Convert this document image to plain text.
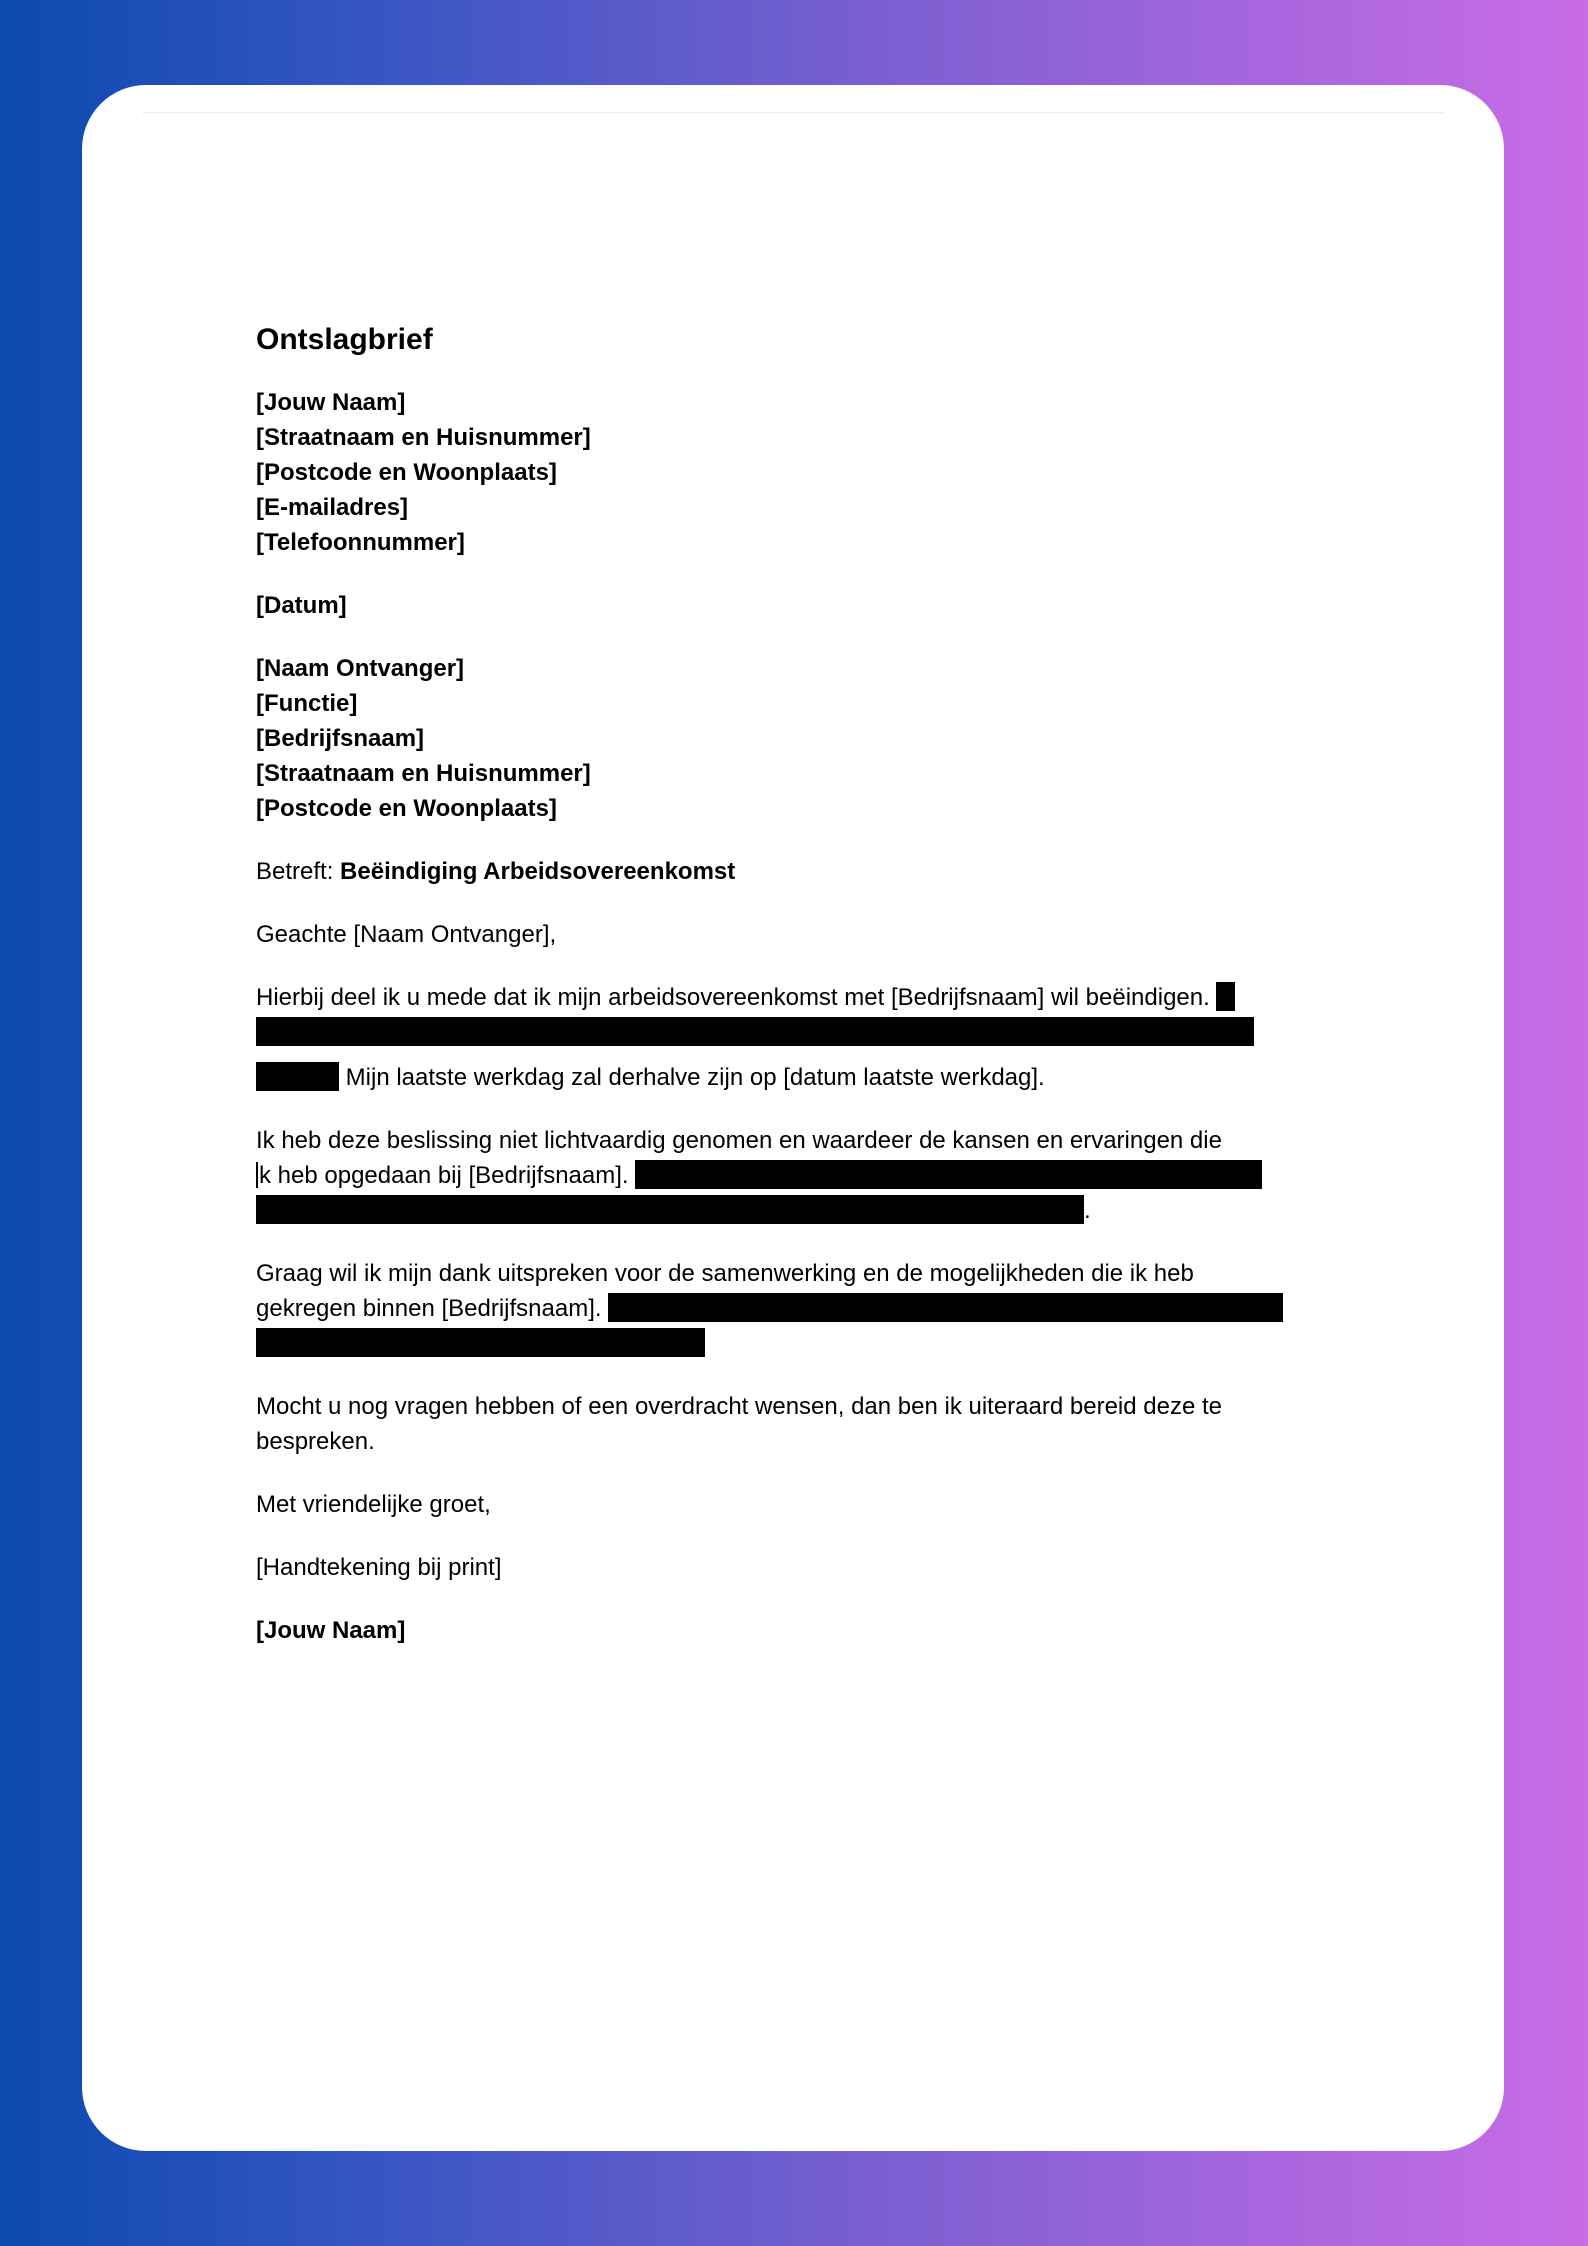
Ontslagbrief
[Jouw Naam]
[Straatnaam en Huisnummer]
[Postcode en Woonplaats]
[E-mailadres]
[Telefoonnummer]
[Datum]
[Naam Ontvanger]
[Functie]
[Bedrijfsnaam]
[Straatnaam en Huisnummer]
[Postcode en Woonplaats]
Betreft: Beëindiging Arbeidsovereenkomst
Geachte [Naam Ontvanger],
Hierbij deel ik u mede dat ik mijn arbeidsovereenkomst met [Bedrijfsnaam] wil beëindigen.
Mijn laatste werkdag zal derhalve zijn op [datum laatste werkdag].
Ik heb deze beslissing niet lichtvaardig genomen en waardeer de kansen en ervaringen die
k heb opgedaan bij [Bedrijfsnaam].
.
Graag wil ik mijn dank uitspreken voor de samenwerking en de mogelijkheden die ik heb
gekregen binnen [Bedrijfsnaam].
Mocht u nog vragen hebben of een overdracht wensen, dan ben ik uiteraard bereid deze te
bespreken.
Met vriendelijke groet,
[Handtekening bij print]
[Jouw Naam]
